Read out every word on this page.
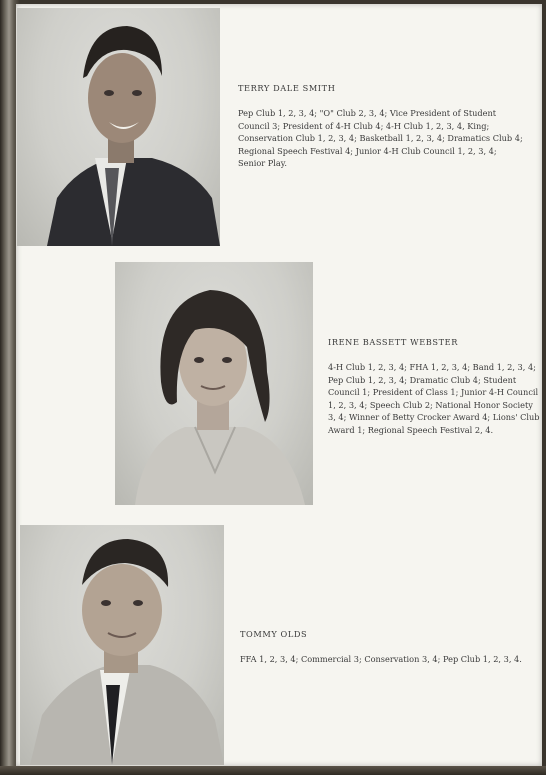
TERRY DALE SMITH

Pep Club 1, 2, 3, 4; "O" Club 2, 3, 4; Vice President of Student Council 3; President of 4-H Club 4; 4-H Club 1, 2, 3, 4, King; Conservation Club 1, 2, 3, 4; Basketball 1, 2, 3, 4; Dramatics Club 4; Regional Speech Festival 4; Junior 4-H Club Council 1, 2, 3, 4; Senior Play.

IRENE BASSETT WEBSTER

4-H Club 1, 2, 3, 4; FHA 1, 2, 3, 4; Band 1, 2, 3, 4; Pep Club 1, 2, 3, 4; Dramatic Club 4; Student Council 1; President of Class 1; Junior 4-H Council 1, 2, 3, 4; Speech Club 2; National Honor Society 3, 4; Winner of Betty Crocker Award 4; Lions' Club Award 1; Regional Speech Festival 2, 4.

TOMMY OLDS

FFA 1, 2, 3, 4; Commercial 3; Conservation 3, 4; Pep Club 1, 2, 3, 4.
